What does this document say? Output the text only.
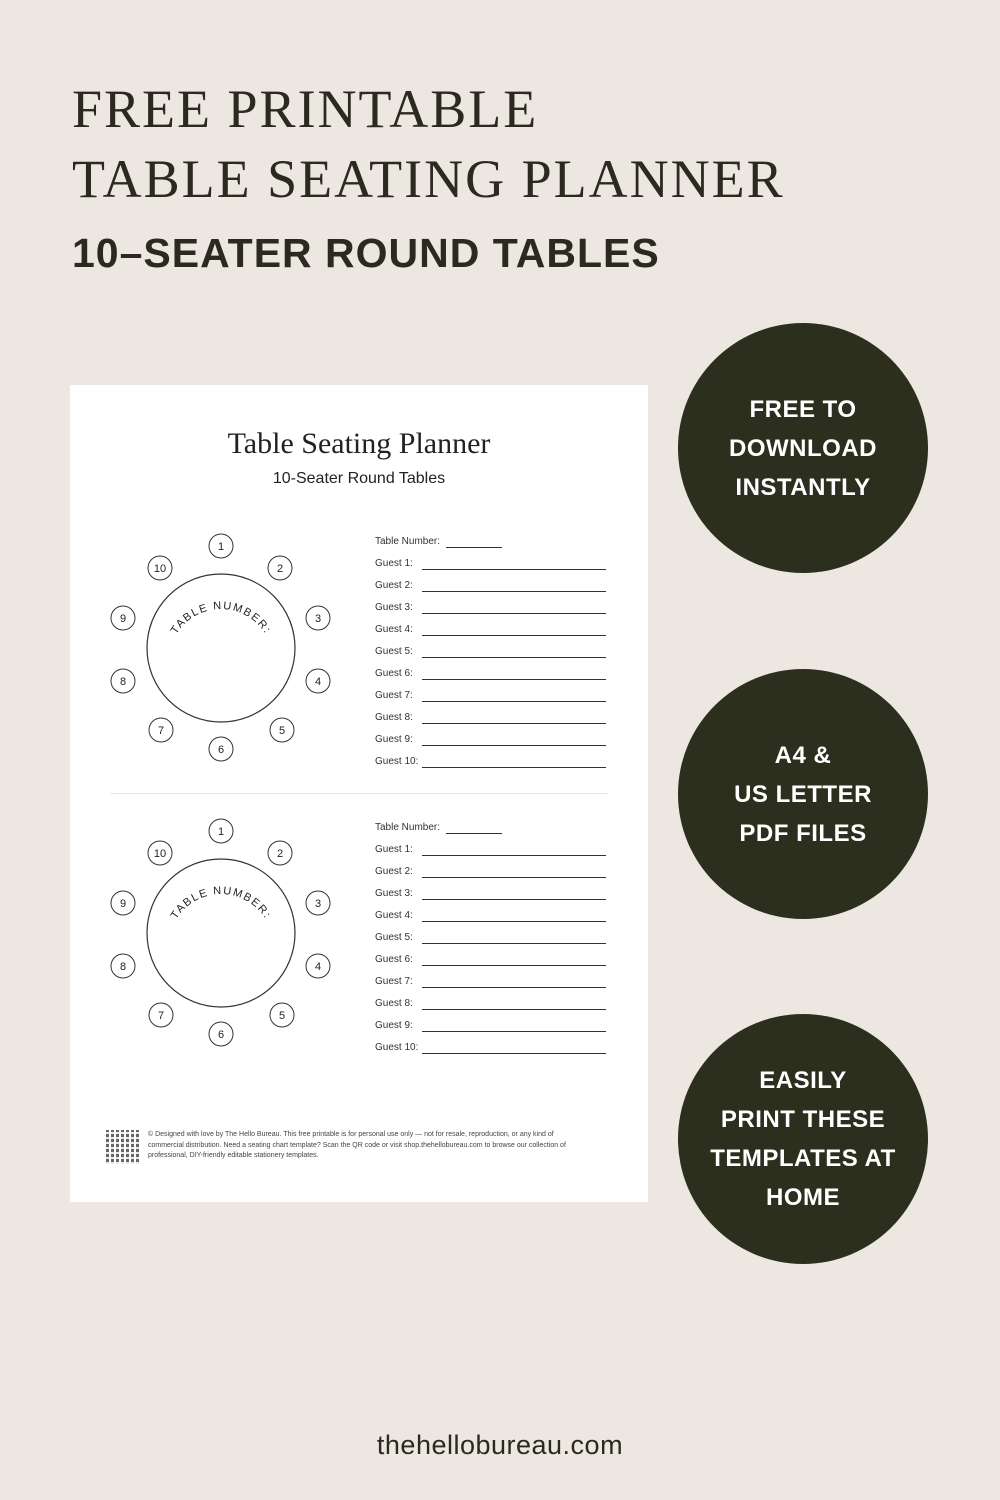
FREE PRINTABLE
TABLE SEATING PLANNER
10–SEATER ROUND TABLES
Table Seating Planner
10-Seater Round Tables
TABLE NUMBER:
1
2
3
4
5
6
7
8
9
10
TABLE NUMBER:
1
2
3
4
5
6
7
8
9
10
Table Number:
Guest 1:
Guest 2:
Guest 3:
Guest 4:
Guest 5:
Guest 6:
Guest 7:
Guest 8:
Guest 9:
Guest 10:
Table Number:
Guest 1:
Guest 2:
Guest 3:
Guest 4:
Guest 5:
Guest 6:
Guest 7:
Guest 8:
Guest 9:
Guest 10:
© Designed with love by The Hello Bureau. This free printable is for personal use only — not for resale, reproduction, or any kind of
commercial distribution. Need a seating chart template? Scan the QR code or visit shop.thehellobureau.com to browse our collection of
professional, DIY-friendly editable stationery templates.
FREE TO
DOWNLOAD
INSTANTLY
A4 &
US LETTER
PDF FILES
EASILY
PRINT THESE
TEMPLATES AT
HOME
thehellobureau.com
